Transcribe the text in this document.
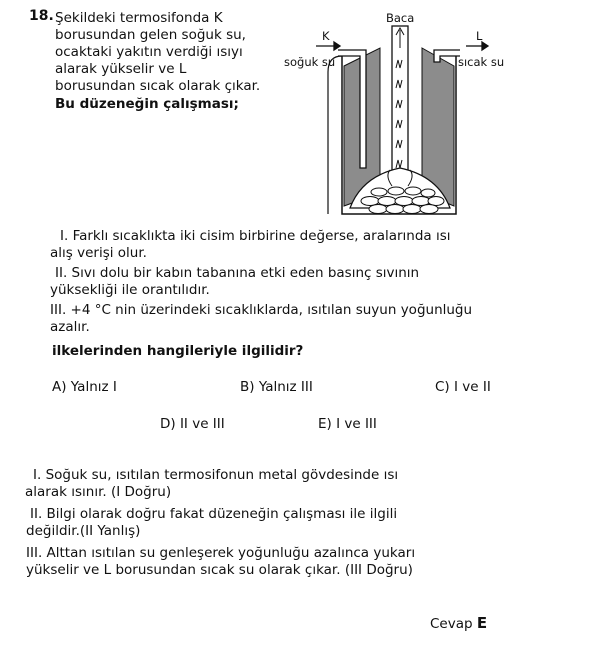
18. Şekildeki termosifonda K
borusundan gelen soğuk su,
ocaktaki yakıtın verdiği ısıyı
alarak yükselir ve L
borusundan sıcak olarak çıkar.
Bu düzeneğin çalışması;
Baca
K
soğuk su
L
sıcak su
I. Farklı sıcaklıkta iki cisim birbirine değerse, aralarında ısı
alış verişi olur.
II. Sıvı dolu bir kabın tabanına etki eden basınç sıvının
yüksekliği ile orantılıdır.
III. +4 °C nin üzerindeki sıcaklıklarda, ısıtılan suyun yoğunluğu
azalır.
ilkelerinden hangileriyle ilgilidir?
A) Yalnız I	B) Yalnız III	C) I ve II
D) II ve III	E) I ve III
I. Soğuk su, ısıtılan termosifonun metal gövdesinde ısı
alarak ısınır. (I Doğru)
II. Bilgi olarak doğru fakat düzeneğin çalışması ile ilgili
değildir.(II Yanlış)
III. Alttan ısıtılan su genleşerek yoğunluğu azalınca yukarı
yükselir ve L borusundan sıcak su olarak çıkar. (III Doğru)
Cevap E
